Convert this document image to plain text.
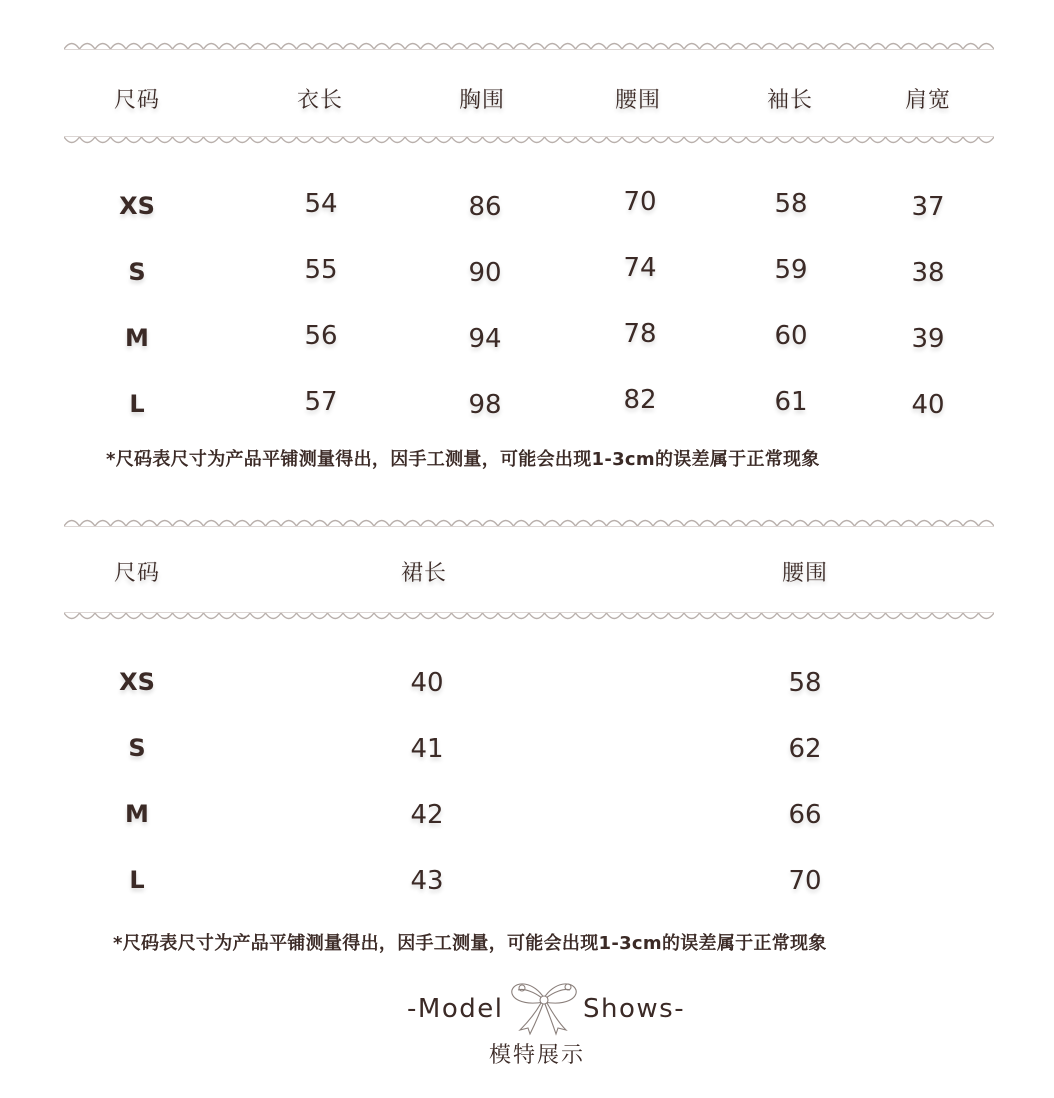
尺码	衣长	胸围	腰围	袖长	肩宽
XS	54	86	70	58	37
S	55	90	74	59	38
M	56	94	78	60	39
L	57	98	82	61	40
*尺码表尺寸为产品平铺测量得出，因手工测量，可能会出现1-3cm的误差属于正常现象
尺码	裙长	腰围
XS	40	58
S	41	62
M	42	66
L	43	70
*尺码表尺寸为产品平铺测量得出，因手工测量，可能会出现1-3cm的误差属于正常现象
-Model	Shows-
模特展示
